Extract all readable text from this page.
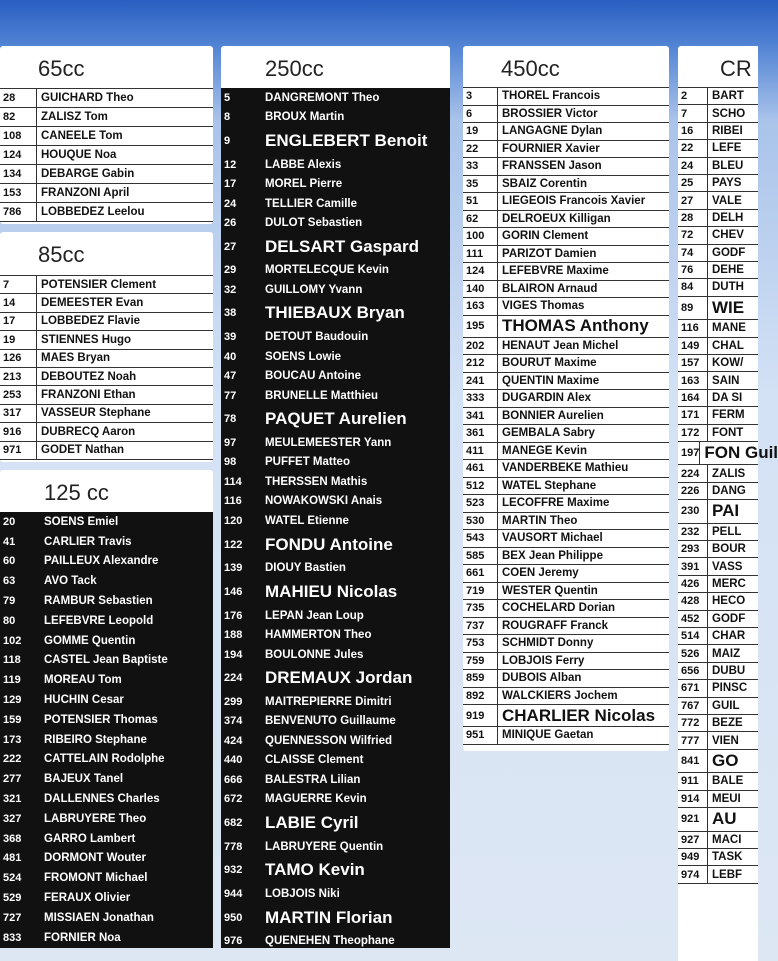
65cc
28	GUICHARD Theo
82	ZALISZ Tom
108	CANEELE Tom
124	HOUQUE Noa
134	DEBARGE Gabin
153	FRANZONI April
786	LOBBEDEZ Leelou
85cc
7	POTENSIER Clement
14	DEMEESTER Evan
17	LOBBEDEZ Flavie
19	STIENNES Hugo
126	MAES Bryan
213	DEBOUTEZ Noah
253	FRANZONI Ethan
317	VASSEUR Stephane
916	DUBRECQ Aaron
971	GODET Nathan
125 cc
20	SOENS Emiel
41	CARLIER Travis
60	PAILLEUX Alexandre
63	AVO Tack
79	RAMBUR Sebastien
80	LEFEBVRE Leopold
102	GOMME Quentin
118	CASTEL Jean Baptiste
119	MOREAU Tom
129	HUCHIN Cesar
159	POTENSIER Thomas
173	RIBEIRO Stephane
222	CATTELAIN Rodolphe
277	BAJEUX Tanel
321	DALLENNES Charles
327	LABRUYERE Theo
368	GARRO Lambert
481	DORMONT Wouter
524	FROMONT Michael
529	FERAUX Olivier
727	MISSIAEN Jonathan
833	FORNIER Noa
250cc
5	DANGREMONT Theo
8	BROUX Martin
9	ENGLEBERT Benoit
12	LABBE Alexis
17	MOREL Pierre
24	TELLIER Camille
26	DULOT Sebastien
27	DELSART Gaspard
29	MORTELECQUE Kevin
32	GUILLOMY Yvann
38	THIEBAUX Bryan
39	DETOUT Baudouin
40	SOENS Lowie
47	BOUCAU Antoine
77	BRUNELLE Matthieu
78	PAQUET Aurelien
97	MEULEMEESTER Yann
98	PUFFET Matteo
114	THERSSEN Mathis
116	NOWAKOWSKI Anais
120	WATEL Etienne
122	FONDU Antoine
139	DIOUY Bastien
146	MAHIEU Nicolas
176	LEPAN Jean Loup
188	HAMMERTON Theo
194	BOULONNE Jules
224	DREMAUX Jordan
299	MAITREPIERRE Dimitri
374	BENVENUTO Guillaume
424	QUENNESSON Wilfried
440	CLAISSE Clement
666	BALESTRA Lilian
672	MAGUERRE Kevin
682	LABIE Cyril
778	LABRUYERE Quentin
932	TAMO Kevin
944	LOBJOIS Niki
950	MARTIN Florian
976	QUENEHEN Theophane
450cc
3	THOREL Francois
6	BROSSIER Victor
19	LANGAGNE Dylan
22	FOURNIER Xavier
33	FRANSSEN Jason
35	SBAIZ Corentin
51	LIEGEOIS Francois Xavier
62	DELROEUX Killigan
100	GORIN Clement
111	PARIZOT Damien
124	LEFEBVRE Maxime
140	BLAIRON Arnaud
163	VIGES Thomas
195	THOMAS Anthony
202	HENAUT Jean Michel
212	BOURUT Maxime
241	QUENTIN Maxime
333	DUGARDIN Alex
341	BONNIER Aurelien
361	GEMBALA Sabry
411	MANEGE Kevin
461	VANDERBEKE Mathieu
512	WATEL Stephane
523	LECOFFRE Maxime
530	MARTIN Theo
543	VAUSORT Michael
585	BEX Jean Philippe
661	COEN Jeremy
719	WESTER Quentin
735	COCHELARD Dorian
737	ROUGRAFF Franck
753	SCHMIDT Donny
759	LOBJOIS Ferry
859	DUBOIS Alban
892	WALCKIERS Jochem
919	CHARLIER Nicolas
951	MINIQUE Gaetan
CR
2	BART
7	SCHO
16	RIBEI
22	LEFE
24	BLEU
25	PAYS
27	VALE
28	DELH
72	CHEV
74	GODF
76	DEHE
84	DUTH
89	WIE
116	MANE
149	CHAL
157	KOW/
163	SAIN
164	DA SI
171	FERM
172	FONT
197 FON Guil
224	ZALIS
226	DANG
230 PAI
232	PELL
293	BOUR
391	VASS
426	MERC
428	HECO
452	GODF
514	CHAR
526	MAIZ
656	DUBU
671	PINSC
767	GUIL
772	BEZE
777	VIEN
841 GO
911	BALE
914	MEUI
921 AU
927	MACI
949	TASK
974	LEBF
